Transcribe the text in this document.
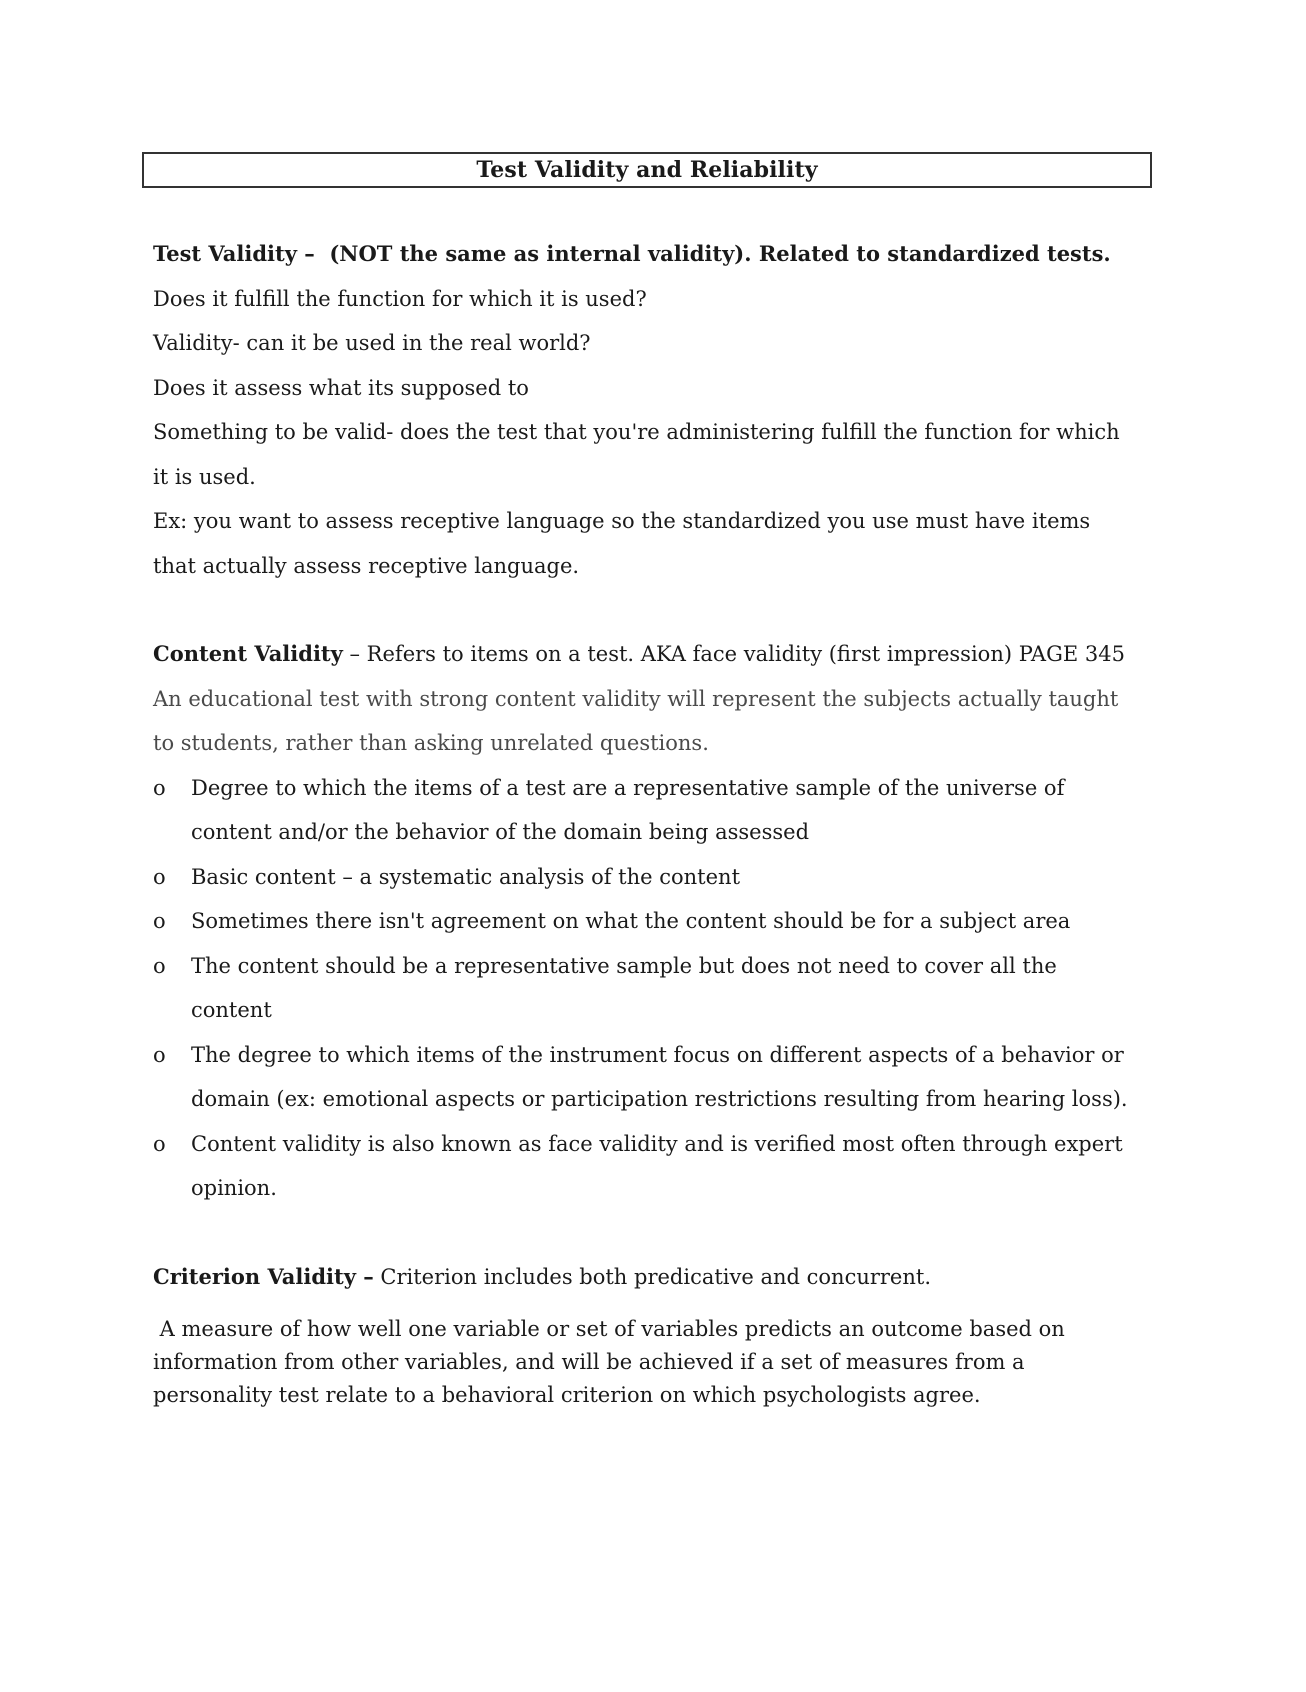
Test Validity and Reliability
Test Validity –  (NOT the same as internal validity). Related to standardized tests.
Does it fulfill the function for which it is used?
Validity- can it be used in the real world?
Does it assess what its supposed to
Something to be valid- does the test that you're administering fulfill the function for which
it is used.
Ex: you want to assess receptive language so the standardized you use must have items
that actually assess receptive language.
Content Validity – Refers to items on a test. AKA face validity (first impression) PAGE 345
An educational test with strong content validity will represent the subjects actually taught
to students, rather than asking unrelated questions.
o	Degree to which the items of a test are a representative sample of the universe of
content and/or the behavior of the domain being assessed
o	Basic content – a systematic analysis of the content
o	Sometimes there isn't agreement on what the content should be for a subject area
o	The content should be a representative sample but does not need to cover all the
content
o	The degree to which items of the instrument focus on different aspects of a behavior or
domain (ex: emotional aspects or participation restrictions resulting from hearing loss).
o	Content validity is also known as face validity and is verified most often through expert
opinion.
Criterion Validity – Criterion includes both predicative and concurrent.
A measure of how well one variable or set of variables predicts an outcome based on
information from other variables, and will be achieved if a set of measures from a
personality test relate to a behavioral criterion on which psychologists agree.
